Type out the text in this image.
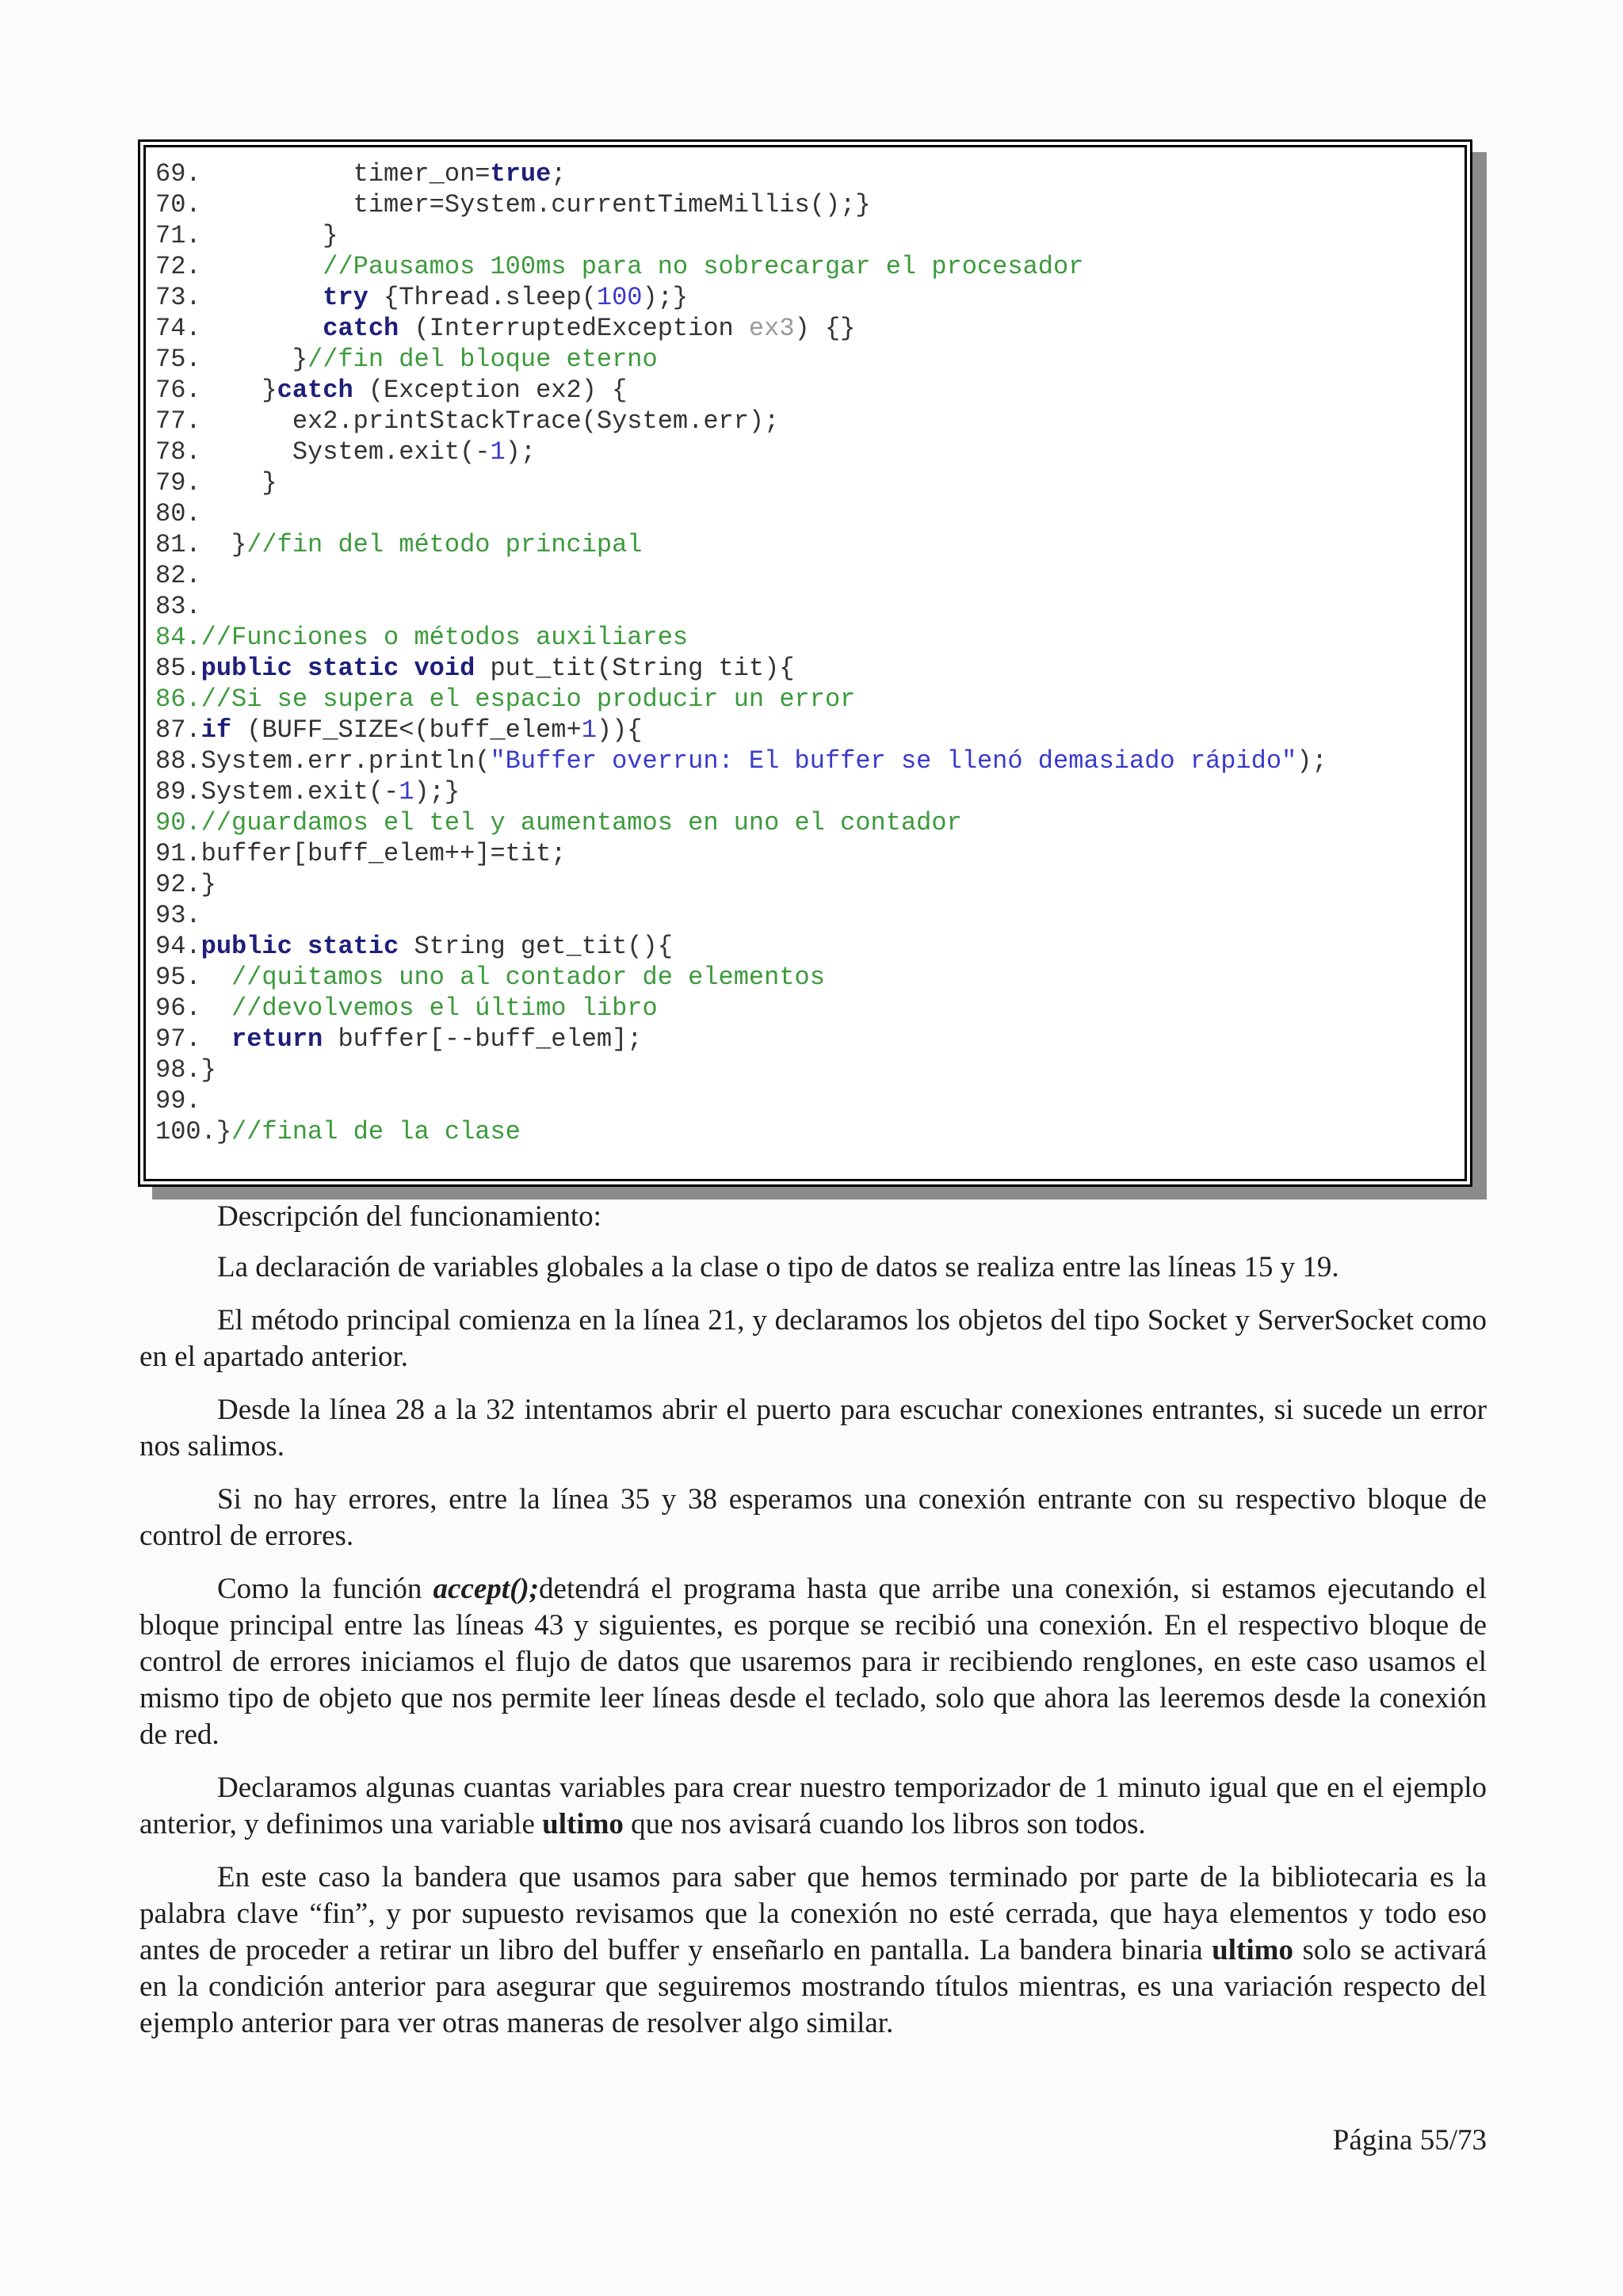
69.          timer_on=true;
70.          timer=System.currentTimeMillis();}
71.        }
72.        //Pausamos 100ms para no sobrecargar el procesador
73.        try {Thread.sleep(100);}
74.        catch (InterruptedException ex3) {}
75.      }//fin del bloque eterno
76.    }catch (Exception ex2) {
77.      ex2.printStackTrace(System.err);
78.      System.exit(-1);
79.    }
80.
81.  }//fin del método principal
82.
83.
84.//Funciones o métodos auxiliares
85.public static void put_tit(String tit){
86.//Si se supera el espacio producir un error
87.if (BUFF_SIZE<(buff_elem+1)){
88.System.err.println("Buffer overrun: El buffer se llenó demasiado rápido");
89.System.exit(-1);}
90.//guardamos el tel y aumentamos en uno el contador
91.buffer[buff_elem++]=tit;
92.}
93.
94.public static String get_tit(){
95.  //quitamos uno al contador de elementos
96.  //devolvemos el último libro
97.  return buffer[--buff_elem];
98.}
99.
100.}//final de la clase

Descripción del funcionamiento:

La declaración de variables globales a la clase o tipo de datos se realiza entre las líneas 15 y 19.

El método principal comienza en la línea 21, y declaramos los objetos del tipo Socket y ServerSocket como en el apartado anterior.

Desde la línea 28 a la 32 intentamos abrir el puerto para escuchar conexiones entrantes, si sucede un error nos salimos.

Si no hay errores, entre la línea 35 y 38 esperamos una conexión entrante con su respectivo bloque de control de errores.

Como la función accept();detendrá el programa hasta que arribe una conexión, si estamos ejecutando el bloque principal entre las líneas 43 y siguientes, es porque se recibió una conexión. En el respectivo bloque de control de errores iniciamos el flujo de datos que usaremos para ir recibiendo renglones, en este caso usamos el mismo tipo de objeto que nos permite leer líneas desde el teclado, solo que ahora las leeremos desde la conexión de red.

Declaramos algunas cuantas variables para crear nuestro temporizador de 1 minuto igual que en el ejemplo anterior, y definimos una variable ultimo que nos avisará cuando los libros son todos.

En este caso la bandera que usamos para saber que hemos terminado por parte de la bibliotecaria es la palabra clave “fin”, y por supuesto revisamos que la conexión no esté cerrada, que haya elementos y todo eso antes de proceder a retirar un libro del buffer y enseñarlo en pantalla. La bandera binaria ultimo solo se activará en la condición anterior para asegurar que seguiremos mostrando títulos mientras, es una variación respecto del ejemplo anterior para ver otras maneras de resolver algo similar.

Página 55/73
